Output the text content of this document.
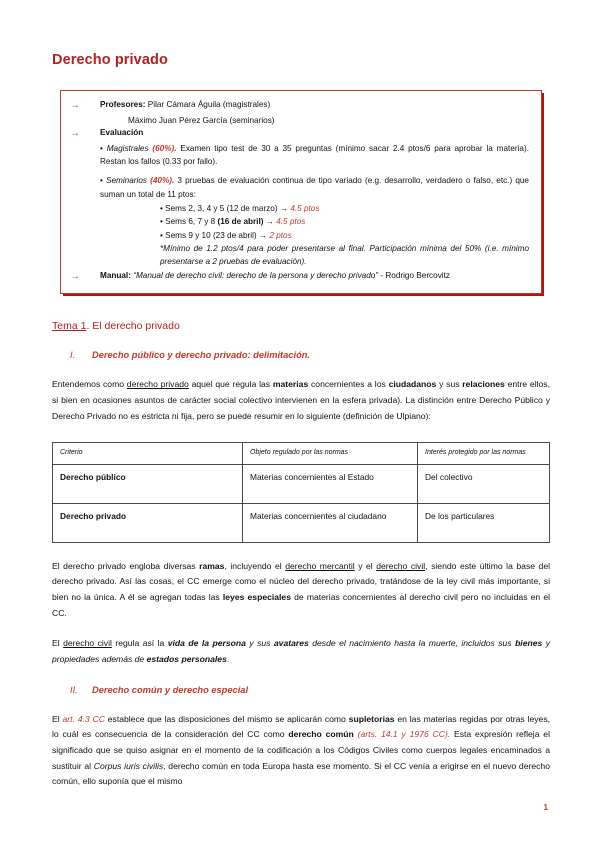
Derecho privado
→	Profesores: Pilar Cámara Águila (magistrales)
Máximo Juan Pérez García (seminarios)
→	Evaluación
• Magistrales (60%). Examen tipo test de 30 a 35 preguntas (mínimo sacar 2.4 ptos/6 para aprobar la materia). Restan los fallos (0.33 por fallo).
• Seminarios (40%). 3 pruebas de evaluación continua de tipo variado (e.g. desarrollo, verdadero o falso, etc.) que suman un total de 11 ptos:
• Sems 2, 3, 4 y 5 (12 de marzo) → 4.5 ptos
• Sems 6, 7 y 8 (16 de abril) → 4.5 ptos
• Sems 9 y 10 (23 de abril) → 2 ptos
*Mínimo de 1.2 ptos/4 para poder presentarse al final. Participación mínima del 50% (i.e. mínimo presentarse a 2 pruebas de evaluación).
→	Manual: “Manual de derecho civil: derecho de la persona y derecho privado” - Rodrigo Bercovitz
Tema 1. El derecho privado
I.	Derecho público y derecho privado: delimitación.

Entendemos como derecho privado aquel que regula las materias concernientes a los ciudadanos y sus relaciones entre ellos, si bien en ocasiones asuntos de carácter social colectivo intervienen en la esfera privada). La distinción entre Derecho Público y Derecho Privado no es estricta ni fija, pero se puede resumir en lo siguiente (definición de Ulpiano):

Criterio	Objeto regulado por las normas	Interés protegido por las normas
Derecho público	Materias concernientes al Estado	Del colectivo
Derecho privado	Materias concernientes al ciudadano	De los particulares

El derecho privado engloba diversas ramas, incluyendo el derecho mercantil y el derecho civil, siendo este último la base del derecho privado. Así las cosas, el CC emerge como el núcleo del derecho privado, tratándose de la ley civil más importante, si bien no la única. A él se agregan todas las leyes especiales de materias concernientes al derecho civil pero no incluidas en el CC.

El derecho civil regula así la vida de la persona y sus avatares desde el nacimiento hasta la muerte, incluidos sus bienes y propiedades además de estados personales.

II.	Derecho común y derecho especial

El art. 4.3 CC establece que las disposiciones del mismo se aplicarán como supletorias en las materias regidas por otras leyes, lo cuál es consecuencia de la consideración del CC como derecho común (arts. 14.1 y 1976 CC). Esta expresión refleja el significado que se quiso asignar en el momento de la codificación a los Códigos Civiles como cuerpos legales encaminados a sustituir al Corpus iuris civilis, derecho común en toda Europa hasta ese momento. Si el CC venía a erigirse en el nuevo derecho común, ello suponía que el mismo

1
